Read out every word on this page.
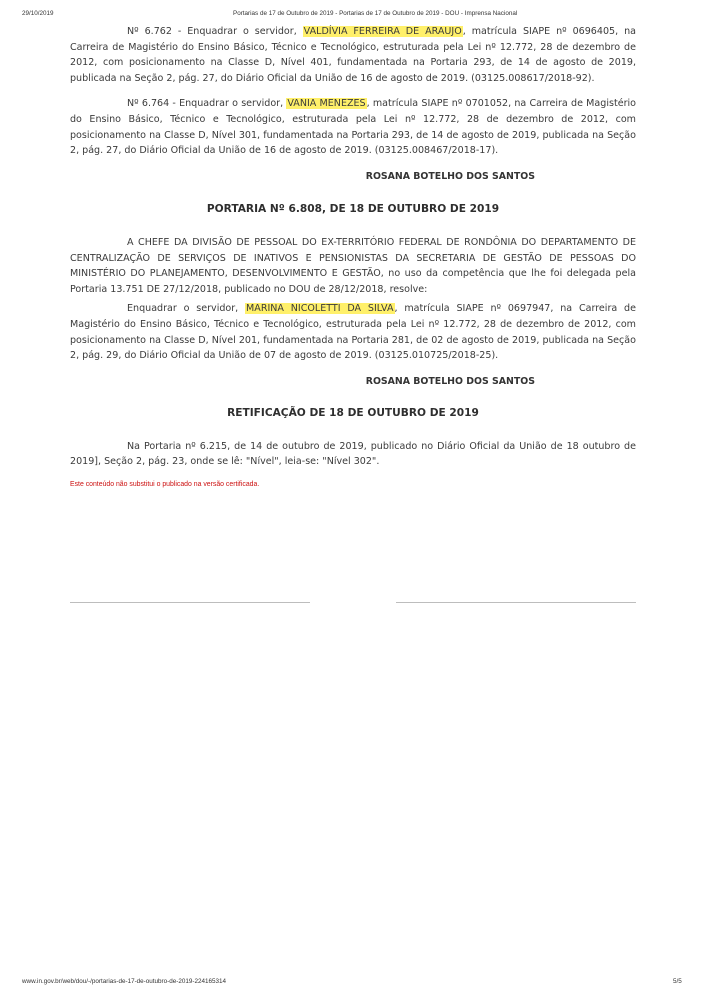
29/10/2019	Portarias de 17 de Outubro de 2019 - Portarias de 17 de Outubro de 2019 - DOU - Imprensa Nacional

Nº 6.762 - Enquadrar o servidor, VALDÍVIA FERREIRA DE ARAUJO, matrícula SIAPE nº 0696405, na Carreira de Magistério do Ensino Básico, Técnico e Tecnológico, estruturada pela Lei nº 12.772, 28 de dezembro de 2012, com posicionamento na Classe D, Nível 401, fundamentada na Portaria 293, de 14 de agosto de 2019, publicada na Seção 2, pág. 27, do Diário Oficial da União de 16 de agosto de 2019. (03125.008617/2018-92).

Nº 6.764 - Enquadrar o servidor, VANIA MENEZES, matrícula SIAPE nº 0701052, na Carreira de Magistério do Ensino Básico, Técnico e Tecnológico, estruturada pela Lei nº 12.772, 28 de dezembro de 2012, com posicionamento na Classe D, Nível 301, fundamentada na Portaria 293, de 14 de agosto de 2019, publicada na Seção 2, pág. 27, do Diário Oficial da União de 16 de agosto de 2019. (03125.008467/2018-17).

ROSANA BOTELHO DOS SANTOS
PORTARIA Nº 6.808, DE 18 DE OUTUBRO DE 2019

A CHEFE DA DIVISÃO DE PESSOAL DO EX-TERRITÓRIO FEDERAL DE RONDÔNIA DO DEPARTAMENTO DE CENTRALIZAÇÃO DE SERVIÇOS DE INATIVOS E PENSIONISTAS DA SECRETARIA DE GESTÃO DE PESSOAS DO MINISTÉRIO DO PLANEJAMENTO, DESENVOLVIMENTO E GESTÃO, no uso da competência que lhe foi delegada pela Portaria 13.751 DE 27/12/2018, publicado no DOU de 28/12/2018, resolve:

Enquadrar o servidor, MARINA NICOLETTI DA SILVA, matrícula SIAPE nº 0697947, na Carreira de Magistério do Ensino Básico, Técnico e Tecnológico, estruturada pela Lei nº 12.772, 28 de dezembro de 2012, com posicionamento na Classe D, Nível 201, fundamentada na Portaria 281, de 02 de agosto de 2019, publicada na Seção 2, pág. 29, do Diário Oficial da União de 07 de agosto de 2019. (03125.010725/2018-25).

ROSANA BOTELHO DOS SANTOS
RETIFICAÇÃO DE 18 DE OUTUBRO DE 2019

Na Portaria nº 6.215, de 14 de outubro de 2019, publicado no Diário Oficial da União de 18 outubro de 2019], Seção 2, pág. 23, onde se lê: "Nível", leia-se: "Nível 302".

Este conteúdo não substitui o publicado na versão certificada.

www.in.gov.br/web/dou/-/portarias-de-17-de-outubro-de-2019-224165314	5/5
